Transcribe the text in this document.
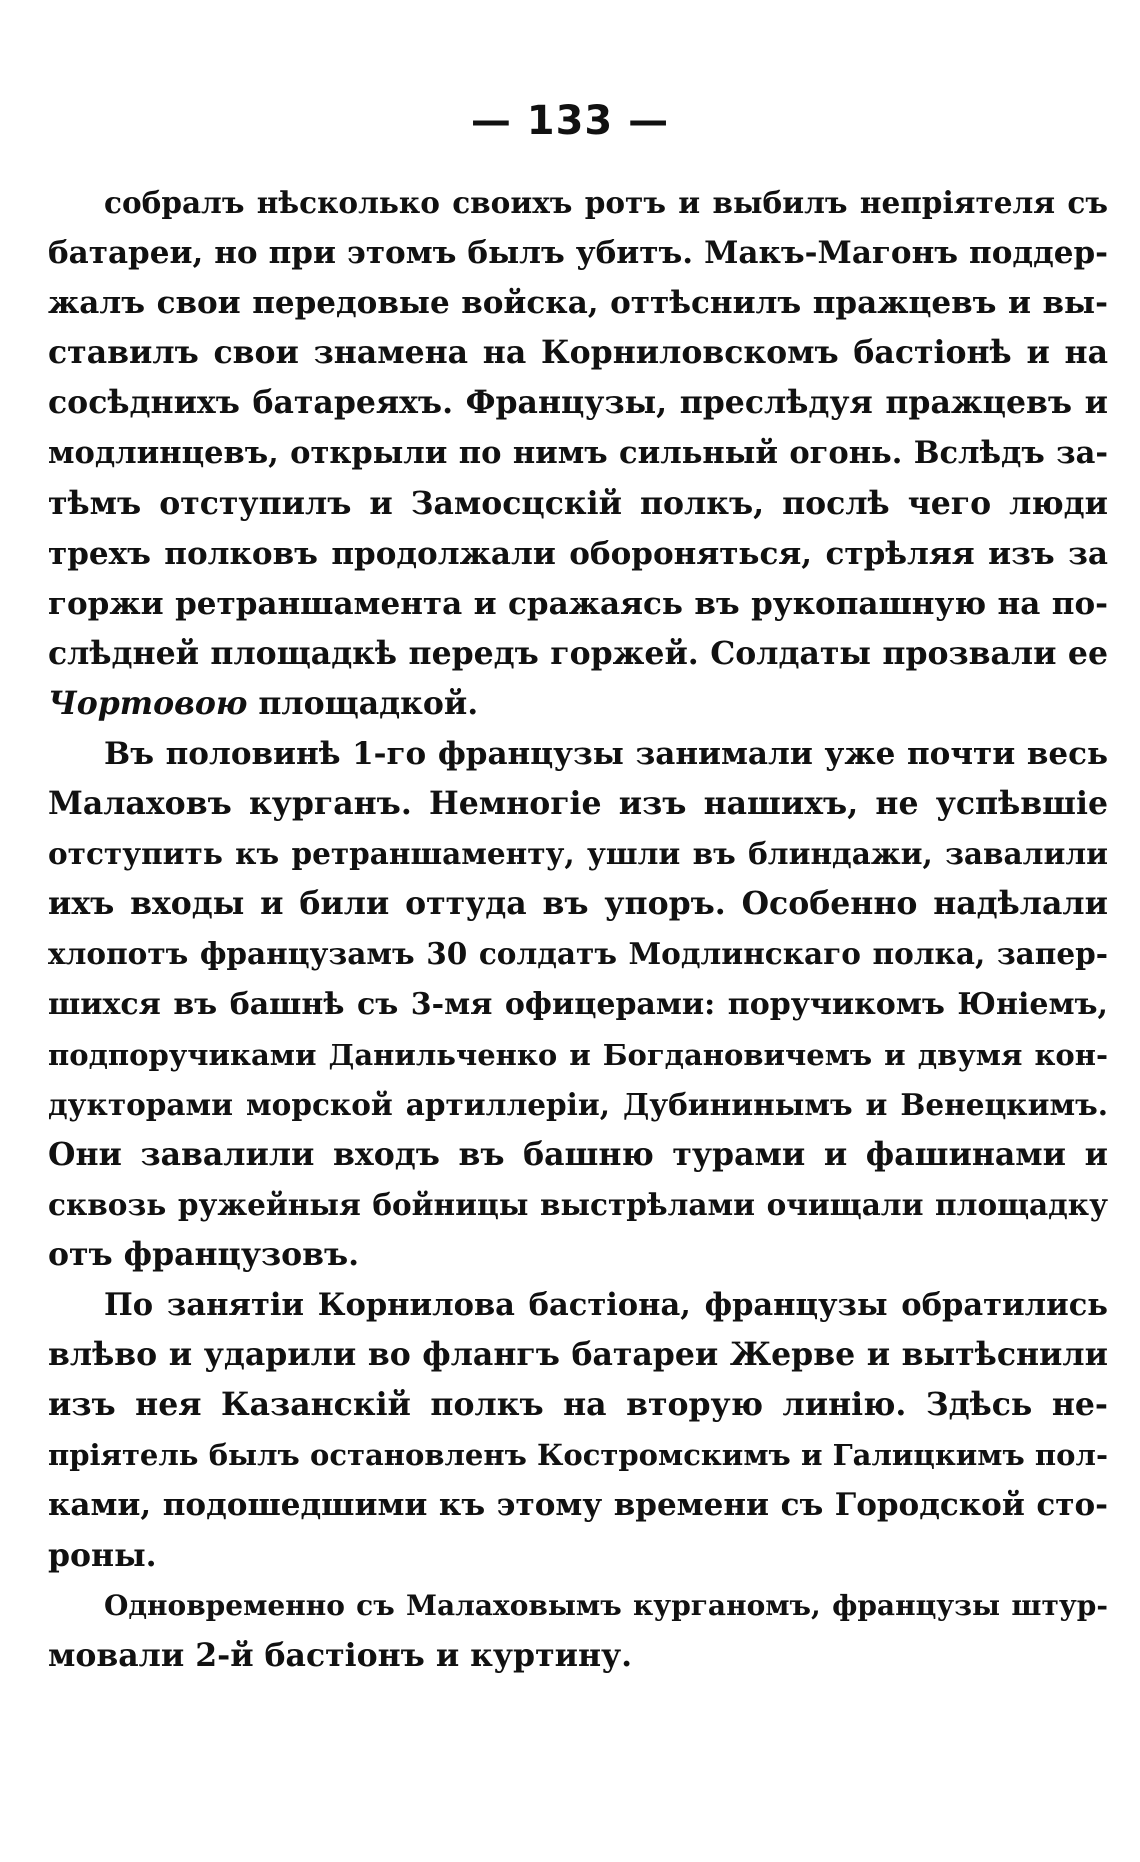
— 133 —
собралъ нѣсколько своихъ ротъ и выбилъ непріятеля съ
батареи, но при этомъ былъ убитъ. Макъ-Магонъ поддер-
жалъ свои передовые войска, оттѣснилъ пражцевъ и вы-
ставилъ свои знамена на Корниловскомъ бастіонѣ и на
сосѣднихъ батареяхъ. Французы, преслѣдуя пражцевъ и
модлинцевъ, открыли по нимъ сильный огонь. Вслѣдъ за-
тѣмъ отступилъ и Замосцскій полкъ, послѣ чего люди
трехъ полковъ продолжали обороняться, стрѣляя изъ за
горжи ретраншамента и сражаясь въ рукопашную на по-
слѣдней площадкѣ передъ горжей. Солдаты прозвали ее
Чортовою площадкой.
Въ половинѣ 1-го французы занимали уже почти весь
Малаховъ курганъ. Немногіе изъ нашихъ, не успѣвшіе
отступить къ ретраншаменту, ушли въ блиндажи, завалили
ихъ входы и били оттуда въ упоръ. Особенно надѣлали
хлопотъ французамъ 30 солдатъ Модлинскаго полка, запер-
шихся въ башнѣ съ 3-мя офицерами: поручикомъ Юніемъ,
подпоручиками Данильченко и Богдановичемъ и двумя кон-
дукторами морской артиллеріи, Дубининымъ и Венецкимъ.
Они завалили входъ въ башню турами и фашинами и
сквозь ружейныя бойницы выстрѣлами очищали площадку
отъ французовъ.
По занятіи Корнилова бастіона, французы обратились
влѣво и ударили во флангъ батареи Жерве и вытѣснили
изъ нея Казанскій полкъ на вторую линію. Здѣсь не-
пріятель былъ остановленъ Костромскимъ и Галицкимъ пол-
ками, подошедшими къ этому времени съ Городской сто-
роны.
Одновременно съ Малаховымъ курганомъ, французы штур-
мовали 2-й бастіонъ и куртину.
